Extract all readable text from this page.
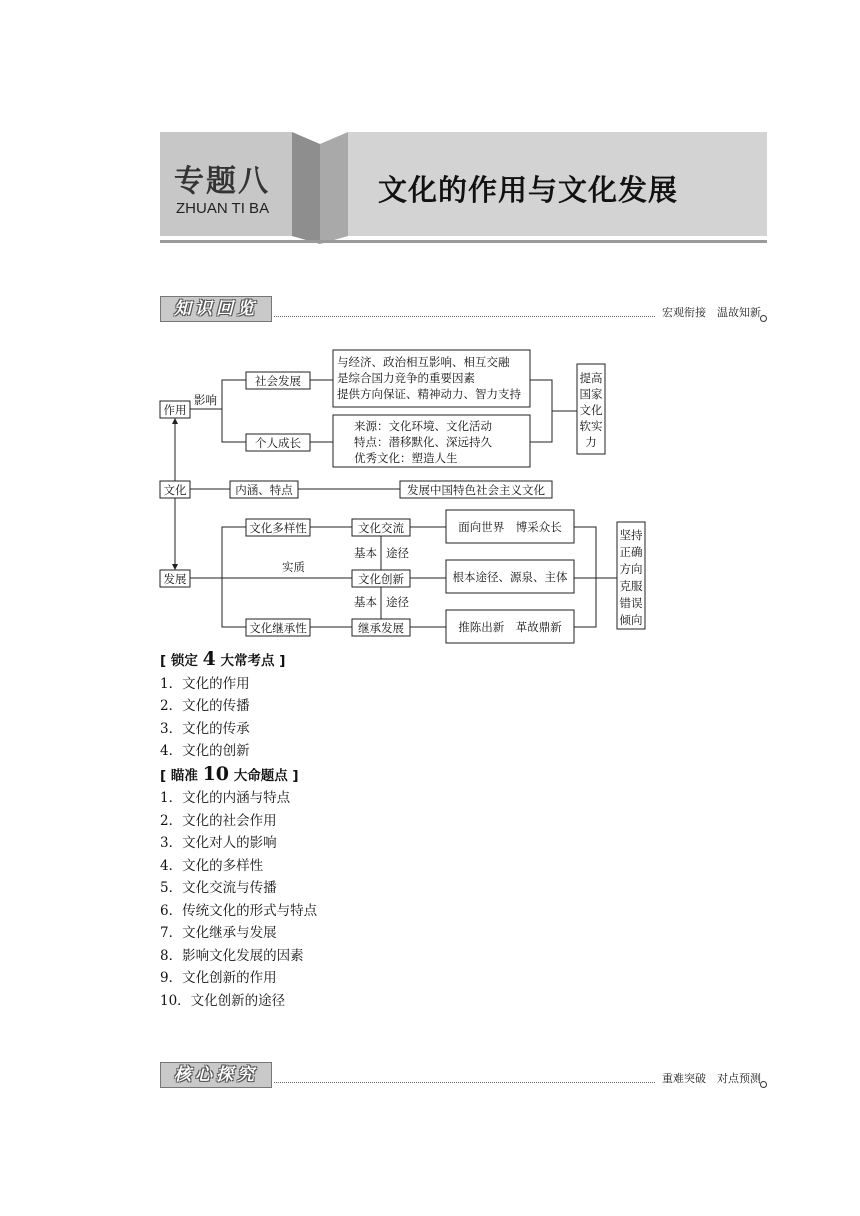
专题八
ZHUAN TI BA
文化的作用与文化发展
知识回览	宏观衔接　温故知新
作用
影响
社会发展
个人成长
与经济、政治相互影响、相互交融
是综合国力竞争的重要因素
提供方向保证、精神动力、智力支持
来源：文化环境、文化活动
特点：潜移默化、深远持久
优秀文化：塑造人生
提高
国家
文化
软实
力
文化	内涵、特点	发展中国特色社会主义文化
发展
实质
文化多样性	文化交流
基本 途径
文化创新
基本 途径
文化继承性	继承发展
面向世界　博采众长
根本途径、源泉、主体
推陈出新　革故鼎新
坚持
正确
方向
克服
错误
倾向
[ 锁定 4 大常考点 ]
1．文化的作用
2．文化的传播
3．文化的传承
4．文化的创新
[ 瞄准 10 大命题点 ]
1．文化的内涵与特点
2．文化的社会作用
3．文化对人的影响
4．文化的多样性
5．文化交流与传播
6．传统文化的形式与特点
7．文化继承与发展
8．影响文化发展的因素
9．文化创新的作用
10．文化创新的途径
核心探究	重难突破　对点预测
